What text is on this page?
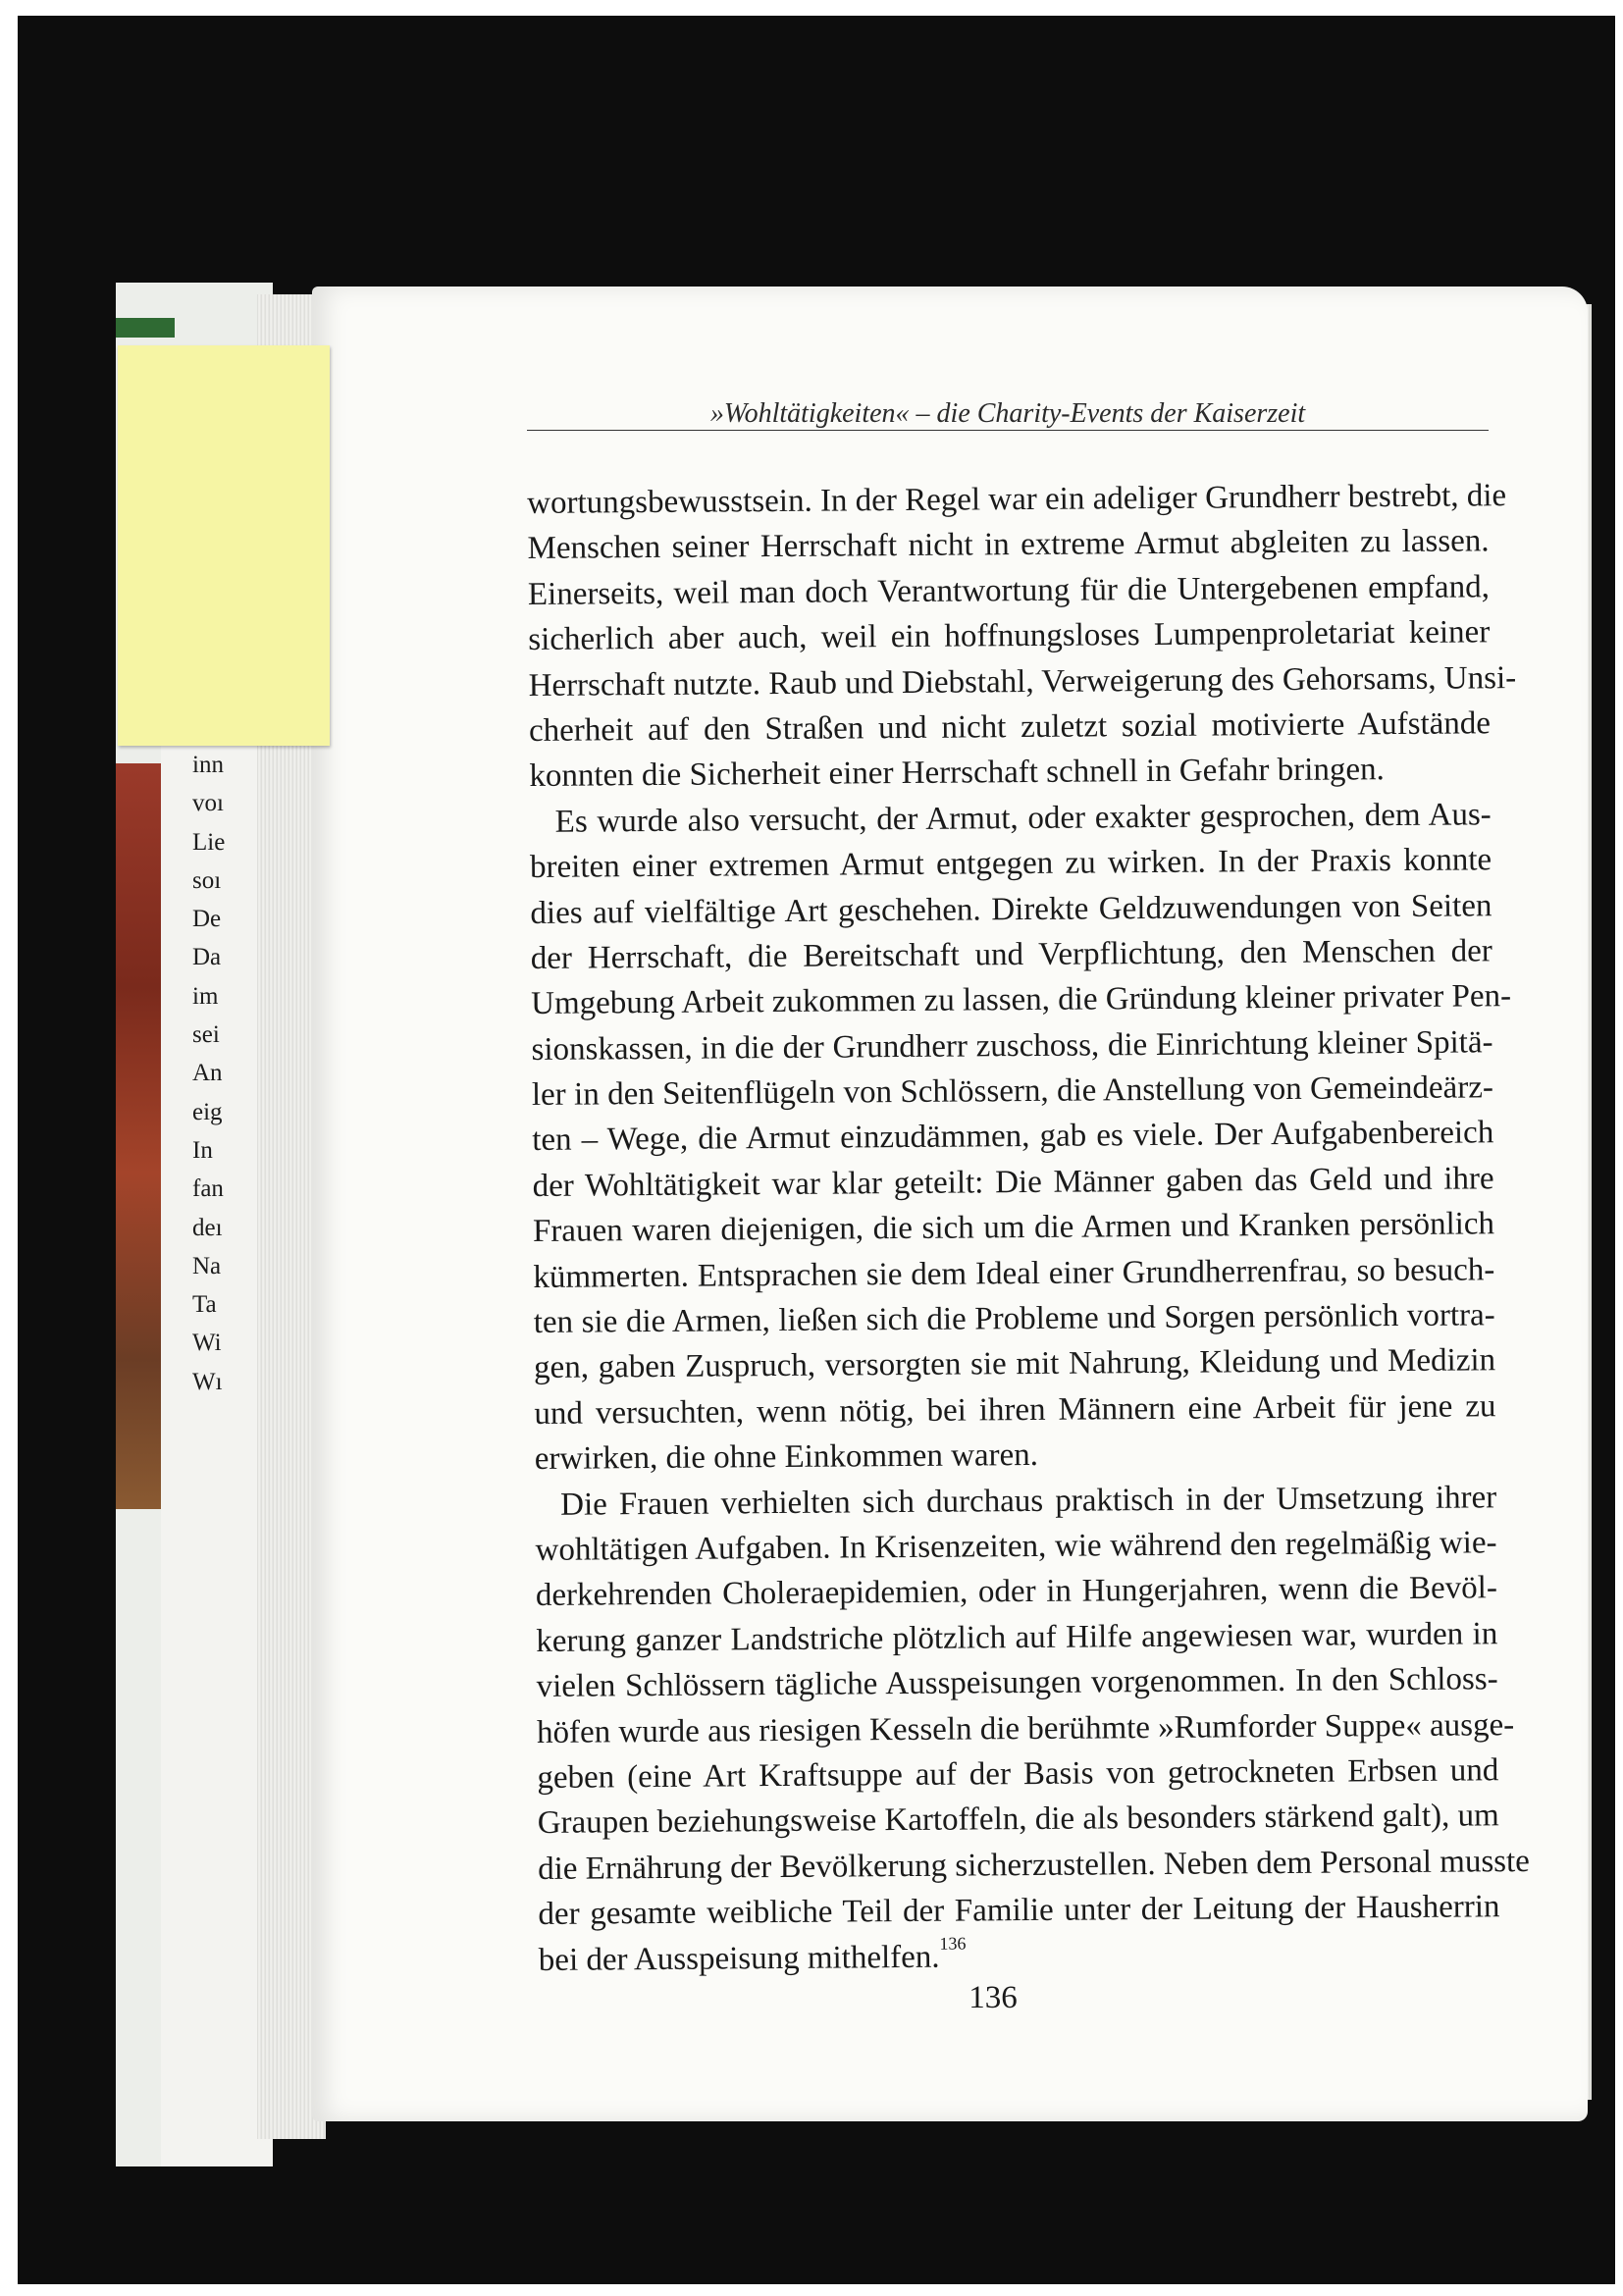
inn
voı
Lie
soı
De
Da
im
sei
An
eig
In
fan
deı
Na
Ta
Wi
Wı
»Wohltätigkeiten« – die Charity-Events der Kaiserzeit
wortungsbewusstsein. In der Regel war ein adeliger Grundherr bestrebt, die
Menschen seiner Herrschaft nicht in extreme Armut abgleiten zu lassen.
Einerseits, weil man doch Verantwortung für die Untergebenen empfand,
sicherlich aber auch, weil ein hoffnungsloses Lumpenproletariat keiner
Herrschaft nutzte. Raub und Diebstahl, Verweigerung des Gehorsams, Unsi-
cherheit auf den Straßen und nicht zuletzt sozial motivierte Aufstände
konnten die Sicherheit einer Herrschaft schnell in Gefahr bringen.
Es wurde also versucht, der Armut, oder exakter gesprochen, dem Aus-
breiten einer extremen Armut entgegen zu wirken. In der Praxis konnte
dies auf vielfältige Art geschehen. Direkte Geldzuwendungen von Seiten
der Herrschaft, die Bereitschaft und Verpflichtung, den Menschen der
Umgebung Arbeit zukommen zu lassen, die Gründung kleiner privater Pen-
sionskassen, in die der Grundherr zuschoss, die Einrichtung kleiner Spitä-
ler in den Seitenflügeln von Schlössern, die Anstellung von Gemeindeärz-
ten – Wege, die Armut einzudämmen, gab es viele. Der Aufgabenbereich
der Wohltätigkeit war klar geteilt: Die Männer gaben das Geld und ihre
Frauen waren diejenigen, die sich um die Armen und Kranken persönlich
kümmerten. Entsprachen sie dem Ideal einer Grundherrenfrau, so besuch-
ten sie die Armen, ließen sich die Probleme und Sorgen persönlich vortra-
gen, gaben Zuspruch, versorgten sie mit Nahrung, Kleidung und Medizin
und versuchten, wenn nötig, bei ihren Männern eine Arbeit für jene zu
erwirken, die ohne Einkommen waren.
Die Frauen verhielten sich durchaus praktisch in der Umsetzung ihrer
wohltätigen Aufgaben. In Krisenzeiten, wie während den regelmäßig wie-
derkehrenden Choleraepidemien, oder in Hungerjahren, wenn die Bevöl-
kerung ganzer Landstriche plötzlich auf Hilfe angewiesen war, wurden in
vielen Schlössern tägliche Ausspeisungen vorgenommen. In den Schloss-
höfen wurde aus riesigen Kesseln die berühmte »Rumforder Suppe« ausge-
geben (eine Art Kraftsuppe auf der Basis von getrockneten Erbsen und
Graupen beziehungsweise Kartoffeln, die als besonders stärkend galt), um
die Ernährung der Bevölkerung sicherzustellen. Neben dem Personal musste
der gesamte weibliche Teil der Familie unter der Leitung der Hausherrin
bei der Ausspeisung mithelfen.$^{136}$
136
